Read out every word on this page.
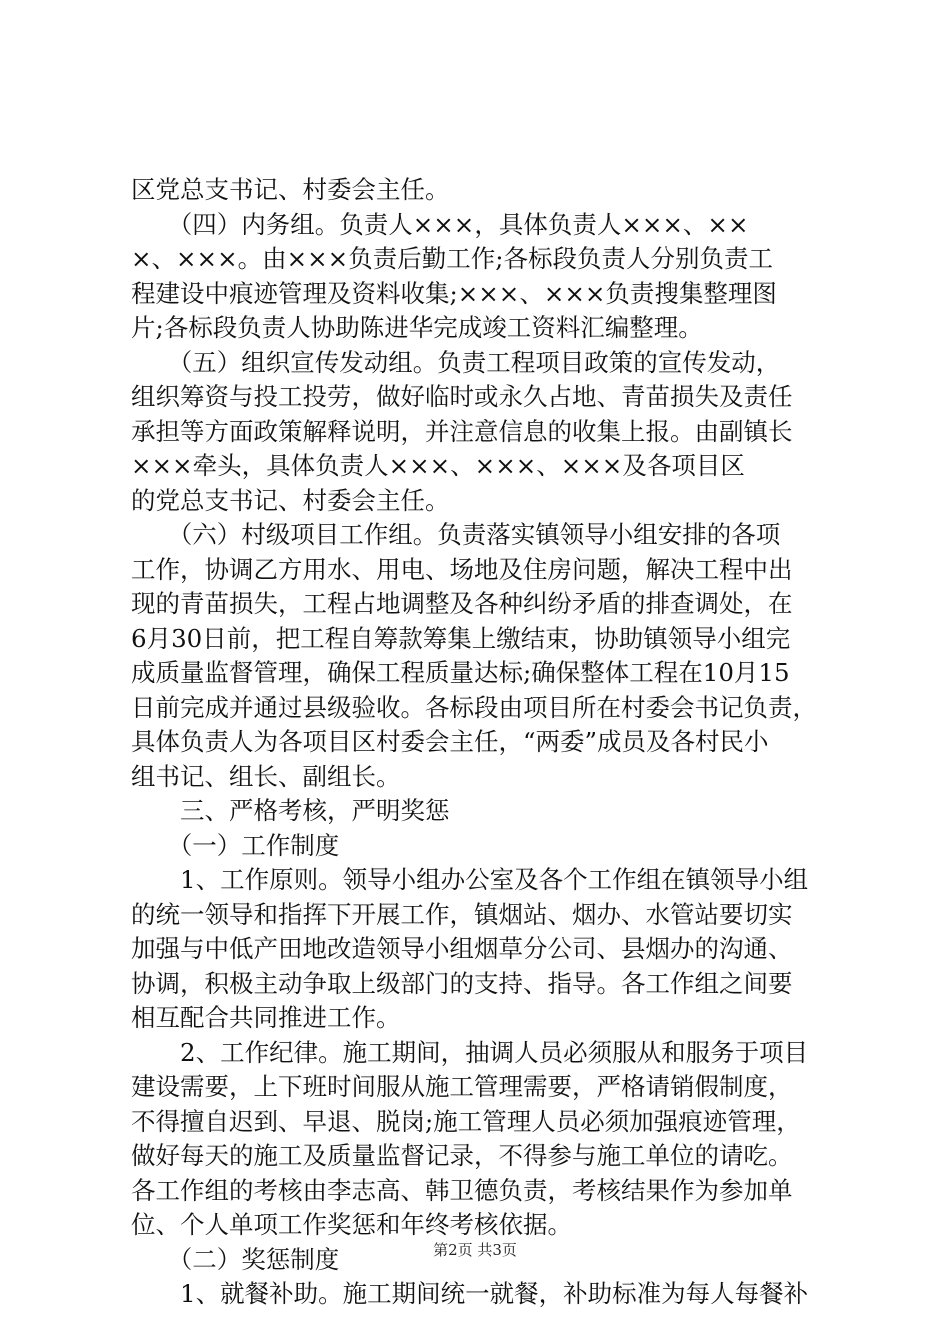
区党总支书记、村委会主任。
　　（四）内务组。负责人×××，具体负责人×××、××
×、×××。由×××负责后勤工作;各标段负责人分别负责工
程建设中痕迹管理及资料收集;×××、×××负责搜集整理图
片;各标段负责人协助陈进华完成竣工资料汇编整理。
　　（五）组织宣传发动组。负责工程项目政策的宣传发动，
组织筹资与投工投劳，做好临时或永久占地、青苗损失及责任
承担等方面政策解释说明，并注意信息的收集上报。由副镇长
×××牵头，具体负责人×××、×××、×××及各项目区
的党总支书记、村委会主任。
　　（六）村级项目工作组。负责落实镇领导小组安排的各项
工作，协调乙方用水、用电、场地及住房问题，解决工程中出
现的青苗损失，工程占地调整及各种纠纷矛盾的排查调处，在
6月30日前，把工程自筹款筹集上缴结束，协助镇领导小组完
成质量监督管理，确保工程质量达标;确保整体工程在10月15
日前完成并通过县级验收。各标段由项目所在村委会书记负责，
具体负责人为各项目区村委会主任，“两委”成员及各村民小
组书记、组长、副组长。
　　三、严格考核，严明奖惩
　　（一）工作制度
　　1、工作原则。领导小组办公室及各个工作组在镇领导小组
的统一领导和指挥下开展工作，镇烟站、烟办、水管站要切实
加强与中低产田地改造领导小组烟草分公司、县烟办的沟通、
协调，积极主动争取上级部门的支持、指导。各工作组之间要
相互配合共同推进工作。
　　2、工作纪律。施工期间，抽调人员必须服从和服务于项目
建设需要，上下班时间服从施工管理需要，严格请销假制度，
不得擅自迟到、早退、脱岗;施工管理人员必须加强痕迹管理，
做好每天的施工及质量监督记录，不得参与施工单位的请吃。
各工作组的考核由李志高、韩卫德负责，考核结果作为参加单
位、个人单项工作奖惩和年终考核依据。
　　（二）奖惩制度
　　1、就餐补助。施工期间统一就餐，补助标准为每人每餐补
第2页 共3页
